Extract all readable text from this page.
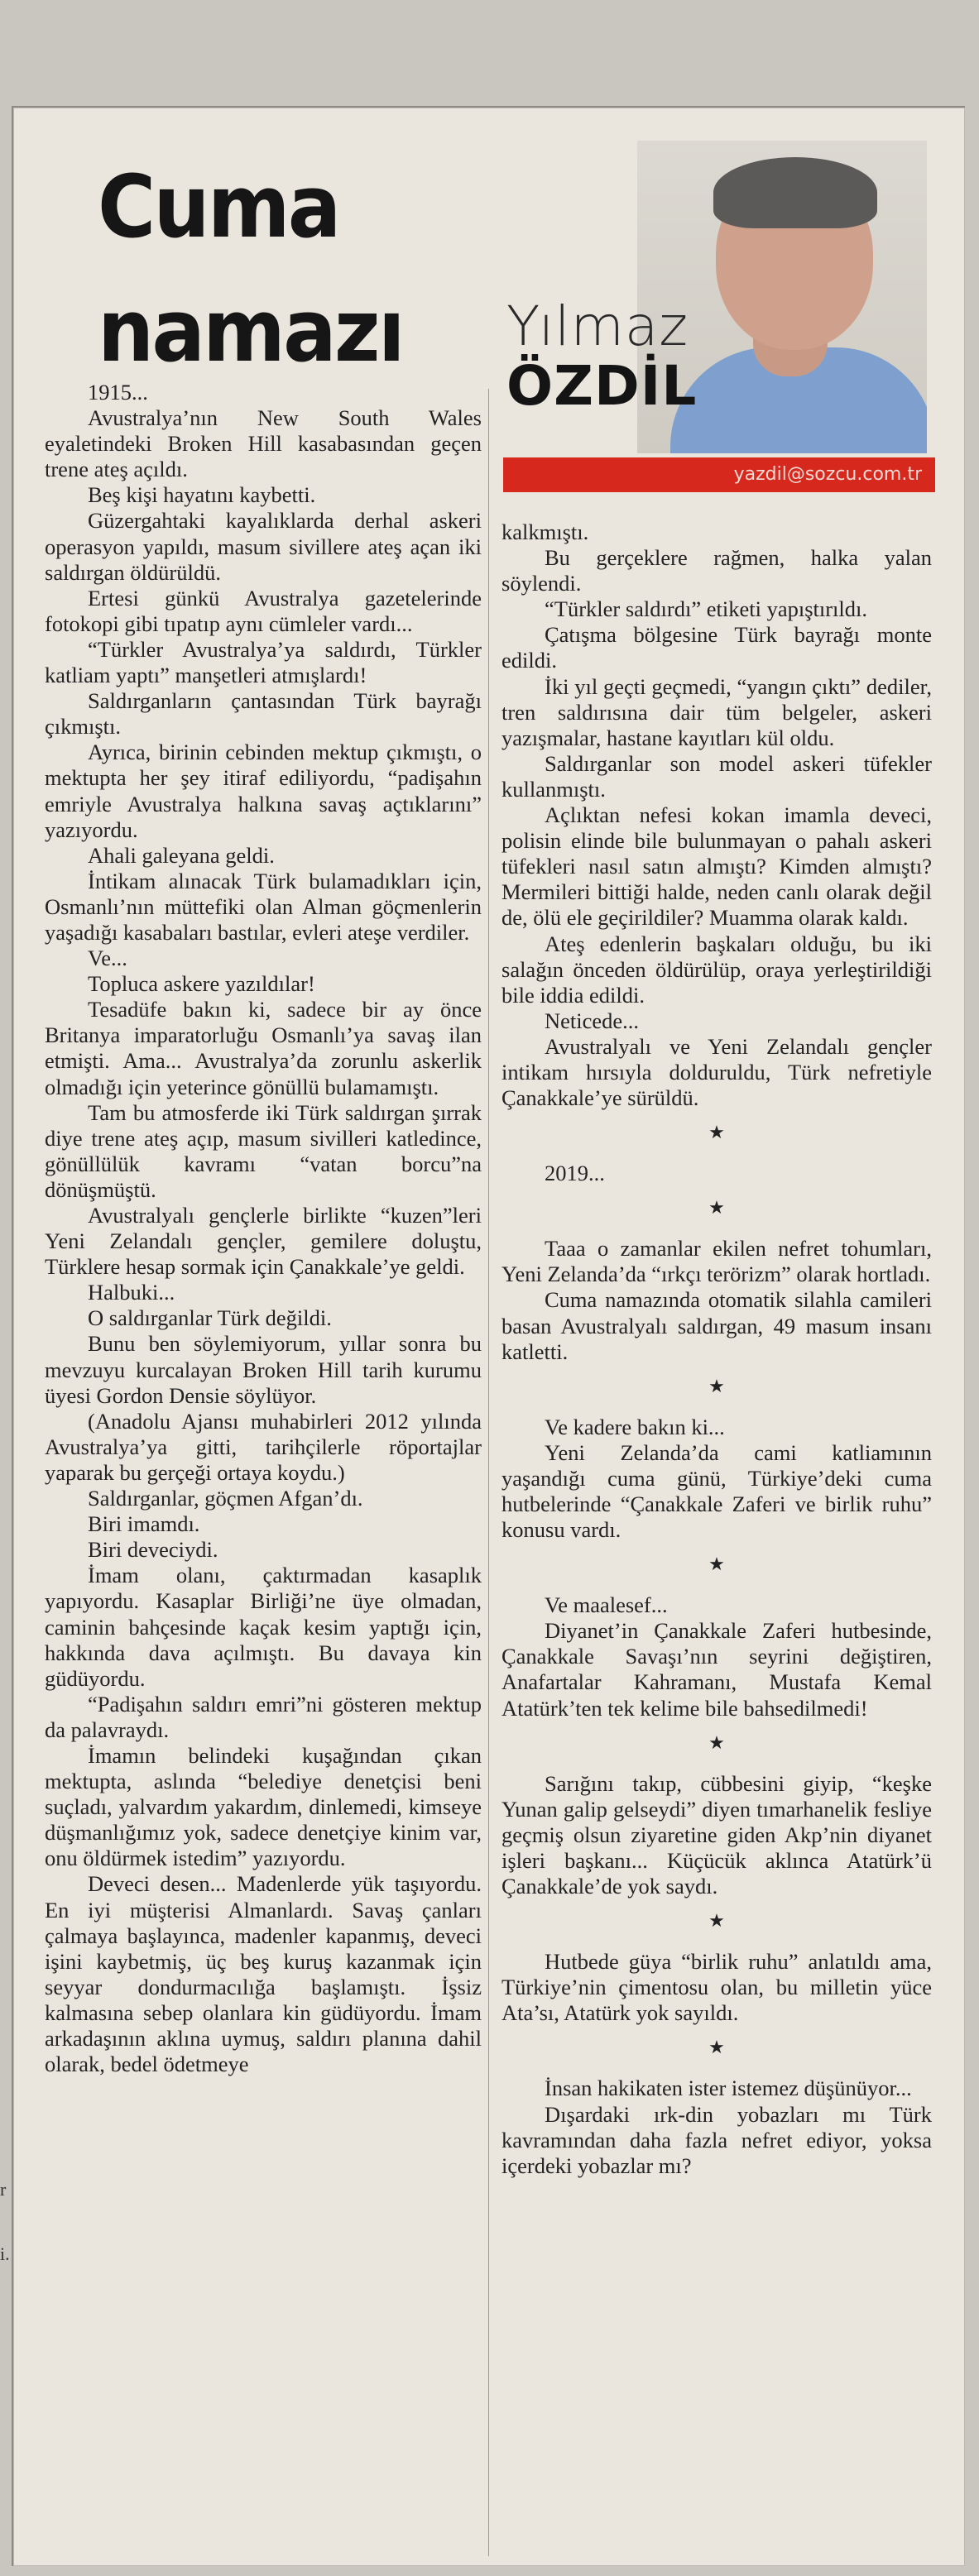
Cuma
namazı Yılmaz
ÖZDİL
yazdil@sozcu.com.tr

1915...

Avustralya’nın New South Wales eyaletindeki Broken Hill kasabasından geçen trene ateş açıldı.

Beş kişi hayatını kaybetti.

Güzergahtaki kayalıklarda derhal askeri operasyon yapıldı, masum sivillere ateş açan iki saldırgan öldürüldü.

Ertesi günkü Avustralya gazetelerinde fotokopi gibi tıpatıp aynı cümleler vardı...

“Türkler Avustralya’ya saldırdı, Türkler katliam yaptı” manşetleri atmışlardı!

Saldırganların çantasından Türk bayrağı çıkmıştı.

Ayrıca, birinin cebinden mektup çıkmıştı, o mektupta her şey itiraf ediliyordu, “padişahın emriyle Avustralya halkına savaş açtıklarını” yazıyordu.

Ahali galeyana geldi.

İntikam alınacak Türk bulamadıkları için, Osmanlı’nın müttefiki olan Alman göçmenlerin yaşadığı kasabaları bastılar, evleri ateşe verdiler.

Ve...

Topluca askere yazıldılar!

Tesadüfe bakın ki, sadece bir ay önce Britanya imparatorluğu Osmanlı’ya savaş ilan etmişti. Ama... Avustralya’da zorunlu askerlik olmadığı için yeterince gönüllü bulamamıştı.

Tam bu atmosferde iki Türk saldırgan şırrak diye trene ateş açıp, masum sivilleri katledince, gönüllülük kavramı “vatan borcu”na dönüşmüştü.

Avustralyalı gençlerle birlikte “kuzen”leri Yeni Zelandalı gençler, gemilere doluştu, Türklere hesap sormak için Çanakkale’ye geldi.

Halbuki...

O saldırganlar Türk değildi.

Bunu ben söylemiyorum, yıllar sonra bu mevzuyu kurcalayan Broken Hill tarih kurumu üyesi Gordon Densie söylüyor.

(Anadolu Ajansı muhabirleri 2012 yılında Avustralya’ya gitti, tarihçilerle röportajlar yaparak bu gerçeği ortaya koydu.)

Saldırganlar, göçmen Afgan’dı.

Biri imamdı.

Biri deveciydi.

İmam olanı, çaktırmadan kasaplık yapıyordu. Kasaplar Birliği’ne üye olmadan, caminin bahçesinde kaçak kesim yaptığı için, hakkında dava açılmıştı. Bu davaya kin güdüyordu.

“Padişahın saldırı emri”ni gösteren mektup da palavraydı.

İmamın belindeki kuşağından çıkan mektupta, aslında “belediye denetçisi beni suçladı, yalvardım yakardım, dinlemedi, kimseye düşmanlığımız yok, sadece denetçiye kinim var, onu öldürmek istedim” yazıyordu.

Deveci desen... Madenlerde yük taşıyordu. En iyi müşterisi Almanlardı. Savaş çanları çalmaya başlayınca, madenler kapanmış, deveci işini kaybetmiş, üç beş kuruş kazanmak için seyyar dondurmacılığa başlamıştı. İşsiz kalmasına sebep olanlara kin güdüyordu. İmam arkadaşının aklına uymuş, saldırı planına dahil olarak, bedel ödetmeye

kalkmıştı.

Bu gerçeklere rağmen, halka yalan söylendi.

“Türkler saldırdı” etiketi yapıştırıldı.

Çatışma bölgesine Türk bayrağı monte edildi.

İki yıl geçti geçmedi, “yangın çıktı” dediler, tren saldırısına dair tüm belgeler, askeri yazışmalar, hastane kayıtları kül oldu.

Saldırganlar son model askeri tüfekler kullanmıştı.

Açlıktan nefesi kokan imamla deveci, polisin elinde bile bulunmayan o pahalı askeri tüfekleri nasıl satın almıştı? Kimden almıştı? Mermileri bittiği halde, neden canlı olarak değil de, ölü ele geçirildiler? Muamma olarak kaldı.

Ateş edenlerin başkaları olduğu, bu iki salağın önceden öldürülüp, oraya yerleştirildiği bile iddia edildi.

Neticede...

Avustralyalı ve Yeni Zelandalı gençler intikam hırsıyla dolduruldu, Türk nefretiyle Çanakkale’ye sürüldü.

★

2019...

★

Taaa o zamanlar ekilen nefret tohumları, Yeni Zelanda’da “ırkçı terörizm” olarak hortladı.

Cuma namazında otomatik silahla camileri basan Avustralyalı saldırgan, 49 masum insanı katletti.

★

Ve kadere bakın ki...

Yeni Zelanda’da cami katliamının yaşandığı cuma günü, Türkiye’deki cuma hutbelerinde “Çanakkale Zaferi ve birlik ruhu” konusu vardı.

★

Ve maalesef...

Diyanet’in Çanakkale Zaferi hutbesinde, Çanakkale Savaşı’nın seyrini değiştiren, Anafartalar Kahramanı, Mustafa Kemal Atatürk’ten tek kelime bile bahsedilmedi!

★

Sarığını takıp, cübbesini giyip, “keşke Yunan galip gelseydi” diyen tımarhanelik fesliye geçmiş olsun ziyaretine giden Akp’nin diyanet işleri başkanı... Küçücük aklınca Atatürk’ü Çanakkale’de yok saydı.

★

Hutbede güya “birlik ruhu” anlatıldı ama, Türkiye’nin çimentosu olan, bu milletin yüce Ata’sı, Atatürk yok sayıldı.

★

İnsan hakikaten ister istemez düşünüyor...

Dışardaki ırk-din yobazları mı Türk kavramından daha fazla nefret ediyor, yoksa içerdeki yobazlar mı?

r
i.
